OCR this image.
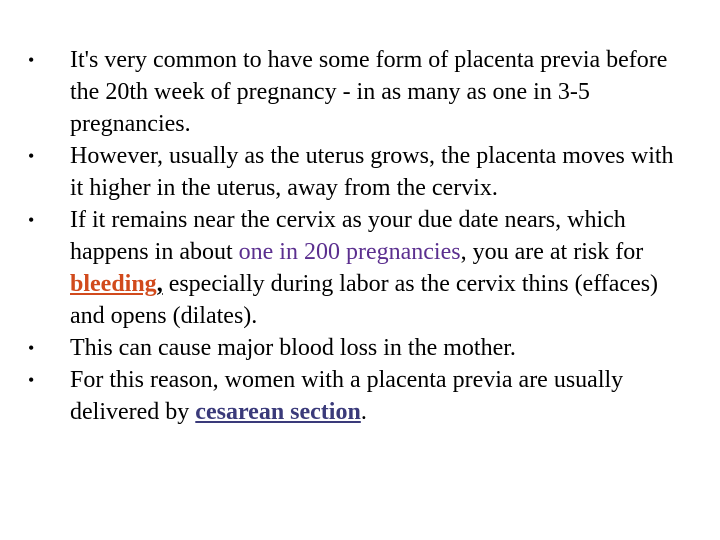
•	It's very common to have some form of placenta previa before the 20th week of pregnancy - in as many as one in 3-5 pregnancies.
•	However, usually as the uterus grows, the placenta moves with it higher in the uterus, away from the cervix.
•	If it remains near the cervix as your due date nears, which happens in about one in 200 pregnancies, you are at risk for bleeding, especially during labor as the cervix thins (effaces) and opens (dilates).
•	This can cause major blood loss in the mother.
•	For this reason, women with a placenta previa are usually delivered by cesarean section.
